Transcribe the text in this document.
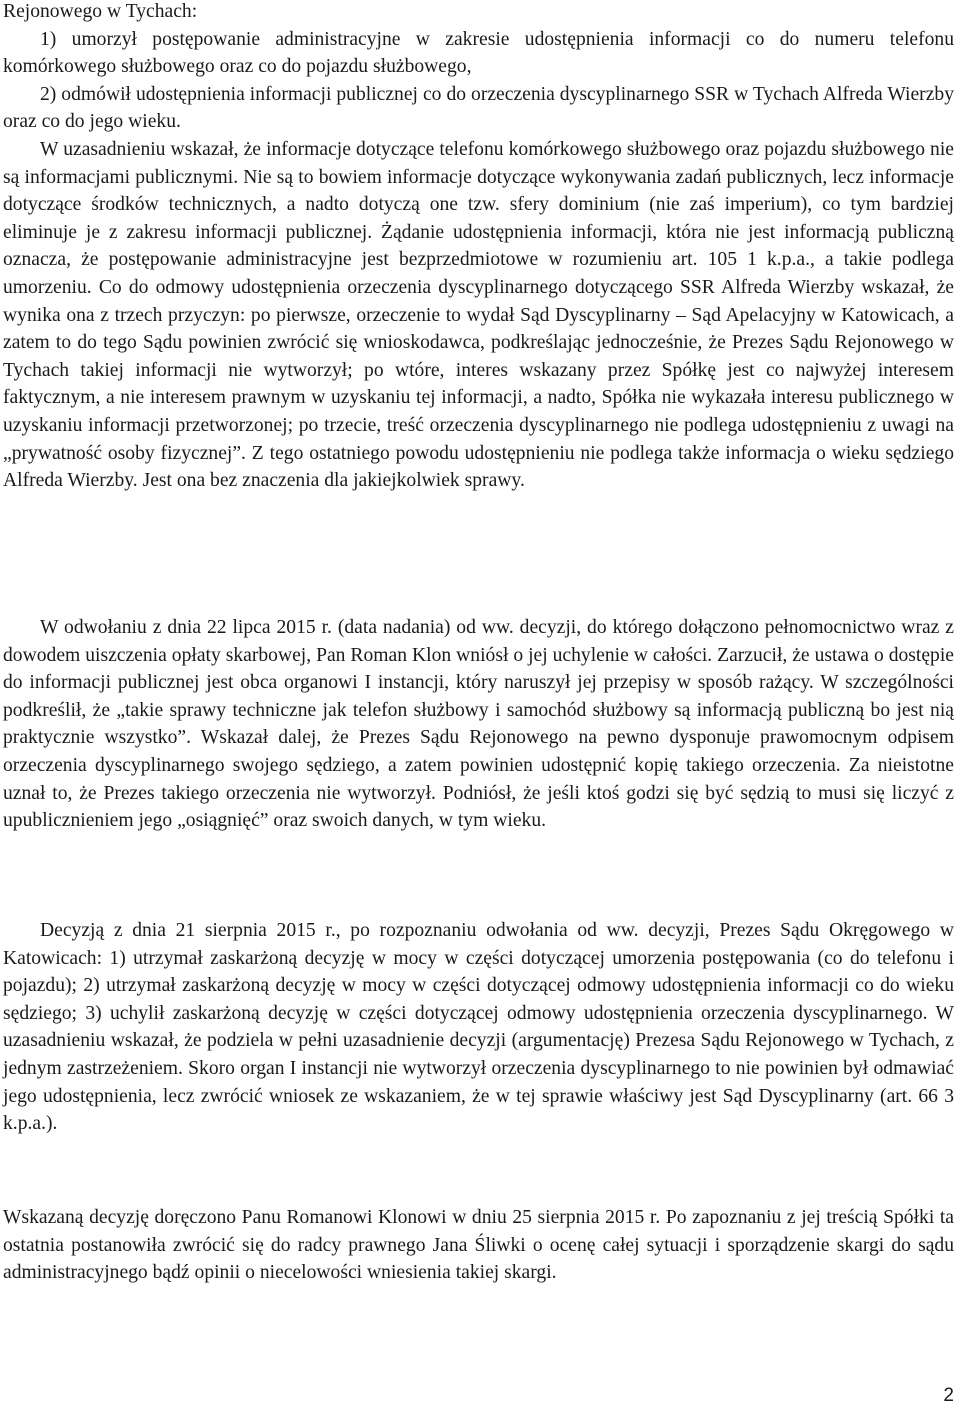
Rejonowego w Tychach:

1) umorzył postępowanie administracyjne w zakresie udostępnienia informacji co do numeru telefonu komórkowego służbowego oraz co do pojazdu służbowego,

2) odmówił udostępnienia informacji publicznej co do orzeczenia dyscyplinarnego SSR w Tychach Alfreda Wierzby oraz co do jego wieku.

W uzasadnieniu wskazał, że informacje dotyczące telefonu komórkowego służbowego oraz pojazdu służbowego nie są informacjami publicznymi. Nie są to bowiem informacje dotyczące wykonywania zadań publicznych, lecz informacje dotyczące środków technicznych, a nadto dotyczą one tzw. sfery dominium (nie zaś imperium), co tym bardziej eliminuje je z zakresu informacji publicznej. Żądanie udostępnienia informacji, która nie jest informacją publiczną oznacza, że postępowanie administracyjne jest bezprzedmiotowe w rozumieniu art. 105 1 k.p.a., a takie podlega umorzeniu. Co do odmowy udostępnienia orzeczenia dyscyplinarnego dotyczącego SSR Alfreda Wierzby wskazał, że wynika ona z trzech przyczyn: po pierwsze, orzeczenie to wydał Sąd Dyscyplinarny – Sąd Apelacyjny w Katowicach, a zatem to do tego Sądu powinien zwrócić się wnioskodawca, podkreślając jednocześnie, że Prezes Sądu Rejonowego w Tychach takiej informacji nie wytworzył; po wtóre, interes wskazany przez Spółkę jest co najwyżej interesem faktycznym, a nie interesem prawnym w uzyskaniu tej informacji, a nadto, Spółka nie wykazała interesu publicznego w uzyskaniu informacji przetworzonej; po trzecie, treść orzeczenia dyscyplinarnego nie podlega udostępnieniu z uwagi na „prywatność osoby fizycznej”. Z tego ostatniego powodu udostępnieniu nie podlega także informacja o wieku sędziego Alfreda Wierzby. Jest ona bez znaczenia dla jakiejkolwiek sprawy.

W odwołaniu z dnia 22 lipca 2015 r. (data nadania) od ww. decyzji, do którego dołączono pełnomocnictwo wraz z dowodem uiszczenia opłaty skarbowej, Pan Roman Klon wniósł o jej uchylenie w całości. Zarzucił, że ustawa o dostępie do informacji publicznej jest obca organowi I instancji, który naruszył jej przepisy w sposób rażący. W szczególności podkreślił, że „takie sprawy techniczne jak telefon służbowy i samochód służbowy są informacją publiczną bo jest nią praktycznie wszystko”. Wskazał dalej, że Prezes Sądu Rejonowego na pewno dysponuje prawomocnym odpisem orzeczenia dyscyplinarnego swojego sędziego, a zatem powinien udostępnić kopię takiego orzeczenia. Za nieistotne uznał to, że Prezes takiego orzeczenia nie wytworzył. Podniósł, że jeśli ktoś godzi się być sędzią to musi się liczyć z upublicznieniem jego „osiągnięć” oraz swoich danych, w tym wieku.

Decyzją z dnia 21 sierpnia 2015 r., po rozpoznaniu odwołania od ww. decyzji, Prezes Sądu Okręgowego w Katowicach: 1) utrzymał zaskarżoną decyzję w mocy w części dotyczącej umorzenia postępowania (co do telefonu i pojazdu); 2) utrzymał zaskarżoną decyzję w mocy w części dotyczącej odmowy udostępnienia informacji co do wieku sędziego; 3) uchylił zaskarżoną decyzję w części dotyczącej odmowy udostępnienia orzeczenia dyscyplinarnego. W uzasadnieniu wskazał, że podziela w pełni uzasadnienie decyzji (argumentację) Prezesa Sądu Rejonowego w Tychach, z jednym zastrzeżeniem. Skoro organ I instancji nie wytworzył orzeczenia dyscyplinarnego to nie powinien był odmawiać jego udostępnienia, lecz zwrócić wniosek ze wskazaniem, że w tej sprawie właściwy jest Sąd Dyscyplinarny (art. 66 3 k.p.a.).

Wskazaną decyzję doręczono Panu Romanowi Klonowi w dniu 25 sierpnia 2015 r. Po zapoznaniu z jej treścią Spółki ta ostatnia postanowiła zwrócić się do radcy prawnego Jana Śliwki o ocenę całej sytuacji i sporządzenie skargi do sądu administracyjnego bądź opinii o niecelowości wniesienia takiej skargi.

2
